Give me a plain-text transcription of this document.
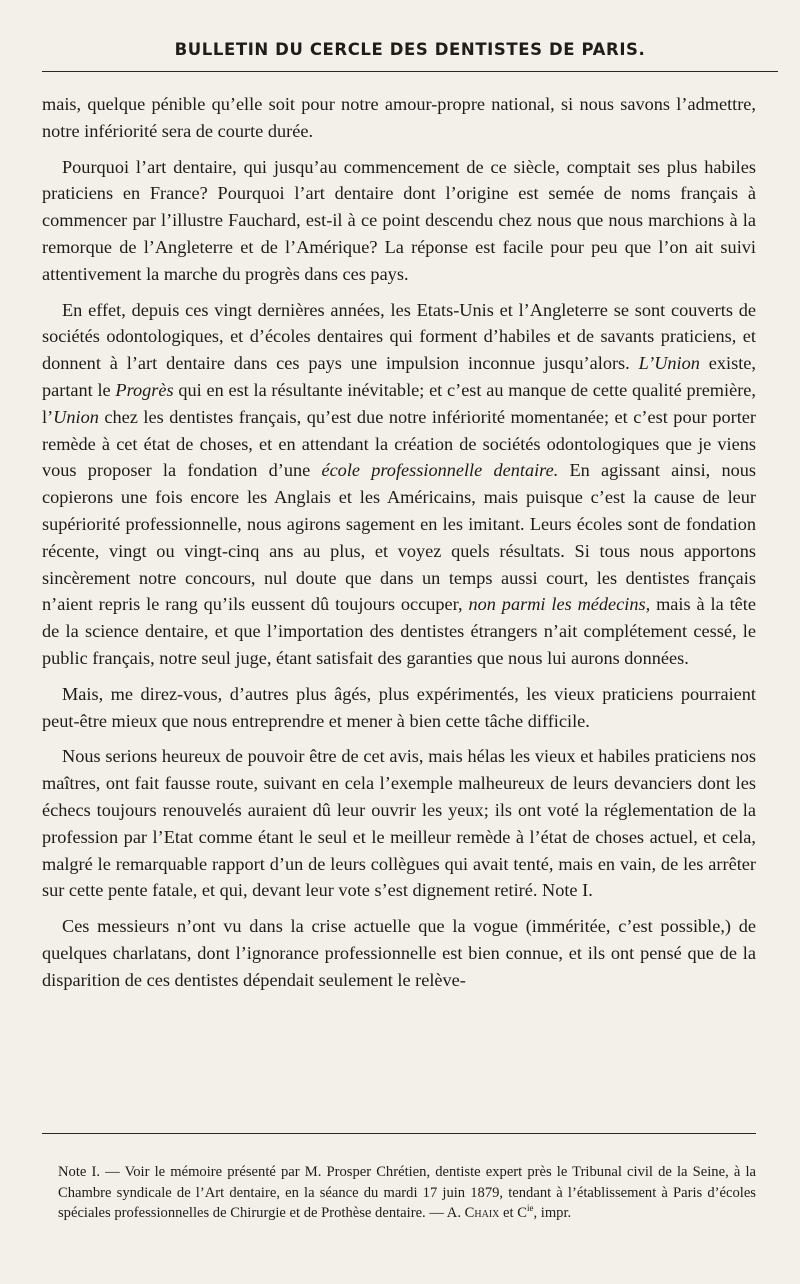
BULLETIN DU CERCLE DES DENTISTES DE PARIS.

mais, quelque pénible qu’elle soit pour notre amour-propre national, si nous savons l’admettre, notre infériorité sera de courte durée.

Pourquoi l’art dentaire, qui jusqu’au commencement de ce siècle, comptait ses plus habiles praticiens en France? Pourquoi l’art dentaire dont l’origine est semée de noms français à commencer par l’illustre Fauchard, est-il à ce point descendu chez nous que nous marchions à la remorque de l’Angleterre et de l’Amérique? La réponse est facile pour peu que l’on ait suivi attentivement la marche du progrès dans ces pays.

En effet, depuis ces vingt dernières années, les Etats-Unis et l’Angleterre se sont couverts de sociétés odontologiques, et d’écoles dentaires qui forment d’habiles et de savants praticiens, et donnent à l’art dentaire dans ces pays une impulsion inconnue jusqu’alors. L’Union existe, partant le Progrès qui en est la résultante inévitable; et c’est au manque de cette qualité première, l’Union chez les dentistes français, qu’est due notre infériorité momentanée; et c’est pour porter remède à cet état de choses, et en attendant la création de sociétés odontologiques que je viens vous proposer la fondation d’une école professionnelle dentaire. En agissant ainsi, nous copierons une fois encore les Anglais et les Américains, mais puisque c’est la cause de leur supériorité professionnelle, nous agirons sagement en les imitant. Leurs écoles sont de fondation récente, vingt ou vingt-cinq ans au plus, et voyez quels résultats. Si tous nous apportons sincèrement notre concours, nul doute que dans un temps aussi court, les dentistes français n’aient repris le rang qu’ils eussent dû toujours occuper, non parmi les médecins, mais à la tête de la science dentaire, et que l’importation des dentistes étrangers n’ait complétement cessé, le public français, notre seul juge, étant satisfait des garanties que nous lui aurons données.

Mais, me direz-vous, d’autres plus âgés, plus expérimentés, les vieux praticiens pourraient peut-être mieux que nous entreprendre et mener à bien cette tâche difficile.

Nous serions heureux de pouvoir être de cet avis, mais hélas les vieux et habiles praticiens nos maîtres, ont fait fausse route, suivant en cela l’exemple malheureux de leurs devanciers dont les échecs toujours renouvelés auraient dû leur ouvrir les yeux; ils ont voté la réglementation de la profession par l’Etat comme étant le seul et le meilleur remède à l’état de choses actuel, et cela, malgré le remarquable rapport d’un de leurs collègues qui avait tenté, mais en vain, de les arrêter sur cette pente fatale, et qui, devant leur vote s’est dignement retiré. Note I.

Ces messieurs n’ont vu dans la crise actuelle que la vogue (imméritée, c’est possible,) de quelques charlatans, dont l’ignorance professionnelle est bien connue, et ils ont pensé que de la disparition de ces dentistes dépendait seulement le relève-

Note I. — Voir le mémoire présenté par M. Prosper Chrétien, dentiste expert près le Tribunal civil de la Seine, à la Chambre syndicale de l’Art dentaire, en la séance du mardi 17 juin 1879, tendant à l’établissement à Paris d’écoles spéciales professionnelles de Chirurgie et de Prothèse dentaire. — A. Chaix et $C^{ie}$, impr.
